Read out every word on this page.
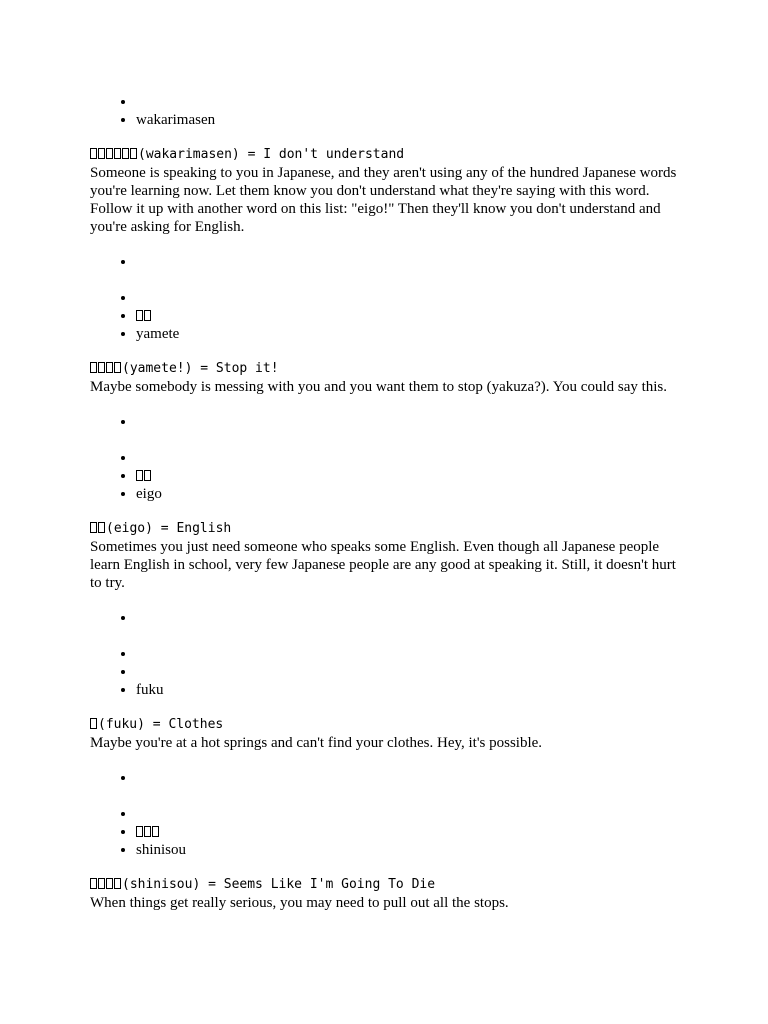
•
• wakarimasen
(wakarimasen) = I don't understand

Someone is speaking to you in Japanese, and they aren't using any of the hundred Japanese words you're learning now. Let them know you don't understand what they're saying with this word. Follow it up with another word on this list: "eigo!" Then they'll know you don't understand and you're asking for English.

•
•
•
• yamete
(yamete!) = Stop it!

Maybe somebody is messing with you and you want them to stop (yakuza?). You could say this.

•
•
•
• eigo
(eigo) = English

Sometimes you just need someone who speaks some English. Even though all Japanese people learn English in school, very few Japanese people are any good at speaking it. Still, it doesn't hurt to try.

•
•
•
• fuku
(fuku) = Clothes

Maybe you're at a hot springs and can't find your clothes. Hey, it's possible.

•
•
•
• shinisou
(shinisou) = Seems Like I'm Going To Die

When things get really serious, you may need to pull out all the stops.
